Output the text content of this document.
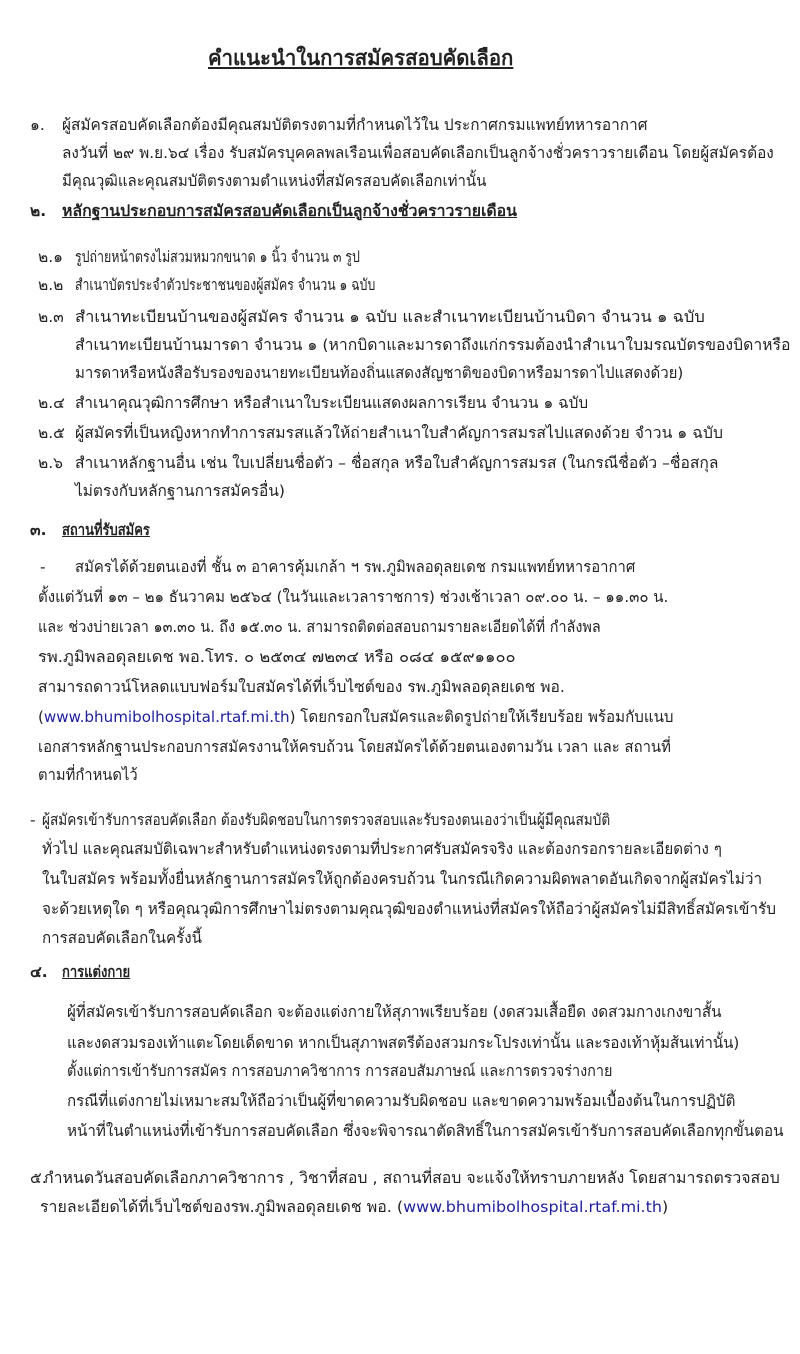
คำแนะนำในการสมัครสอบคัดเลือก
๑. ผู้สมัครสอบคัดเลือกต้องมีคุณสมบัติตรงตามที่กำหนดไว้ใน ประกาศกรมแพทย์ทหารอากาศ
ลงวันที่ ๒๙ พ.ย.๖๔ เรื่อง รับสมัครบุคคลพลเรือนเพื่อสอบคัดเลือกเป็นลูกจ้างชั่วคราวรายเดือน โดยผู้สมัครต้อง
มีคุณวุฒิและคุณสมบัติตรงตามตำแหน่งที่สมัครสอบคัดเลือกเท่านั้น
๒. หลักฐานประกอบการสมัครสอบคัดเลือกเป็นลูกจ้างชั่วคราวรายเดือน
๒.๑ รูปถ่ายหน้าตรงไม่สวมหมวกขนาด ๑ นิ้ว จำนวน ๓ รูป
๒.๒ สำเนาบัตรประจำตัวประชาชนของผู้สมัคร จำนวน ๑ ฉบับ
๒.๓ สำเนาทะเบียนบ้านของผู้สมัคร จำนวน ๑ ฉบับ และสำเนาทะเบียนบ้านบิดา จำนวน ๑ ฉบับ
สำเนาทะเบียนบ้านมารดา จำนวน ๑ (หากบิดาและมารดาถึงแก่กรรมต้องนำสำเนาใบมรณบัตรของบิดาหรือ
มารดาหรือหนังสือรับรองของนายทะเบียนท้องถิ่นแสดงสัญชาติของบิดาหรือมารดาไปแสดงด้วย)
๒.๔ สำเนาคุณวุฒิการศึกษา หรือสำเนาใบระเบียนแสดงผลการเรียน จำนวน ๑ ฉบับ
๒.๕ ผู้สมัครที่เป็นหญิงหากทำการสมรสแล้วให้ถ่ายสำเนาใบสำคัญการสมรสไปแสดงด้วย จำวน ๑ ฉบับ
๒.๖ สำเนาหลักฐานอื่น เช่น ใบเปลี่ยนชื่อตัว – ชื่อสกุล หรือใบสำคัญการสมรส (ในกรณีชื่อตัว –ชื่อสกุล
ไม่ตรงกับหลักฐานการสมัครอื่น)
๓. สถานที่รับสมัคร
- สมัครได้ด้วยตนเองที่ ชั้น ๓ อาคารคุ้มเกล้า ฯ รพ.ภูมิพลอดุลยเดช กรมแพทย์ทหารอากาศ
ตั้งแต่วันที่ ๑๓ – ๒๑ ธันวาคม ๒๕๖๔ (ในวันและเวลาราชการ) ช่วงเช้าเวลา ๐๙.๐๐ น. – ๑๑.๓๐ น.
และ ช่วงบ่ายเวลา ๑๓.๓๐ น. ถึง ๑๕.๓๐ น. สามารถติดต่อสอบถามรายละเอียดได้ที่ กำลังพล
รพ.ภูมิพลอดุลยเดช พอ.โทร. ๐ ๒๕๓๔ ๗๒๓๔ หรือ ๐๘๔ ๑๕๙๑๑๐๐
สามารถดาวน์โหลดแบบฟอร์มใบสมัครได้ที่เว็บไซต์ของ รพ.ภูมิพลอดุลยเดช พอ.
(www.bhumibolhospital.rtaf.mi.th) โดยกรอกใบสมัครและติดรูปถ่ายให้เรียบร้อย พร้อมกับแนบ
เอกสารหลักฐานประกอบการสมัครงานให้ครบถ้วน โดยสมัครได้ด้วยตนเองตามวัน เวลา และ สถานที่
ตามที่กำหนดไว้
- ผู้สมัครเข้ารับการสอบคัดเลือก ต้องรับผิดชอบในการตรวจสอบและรับรองตนเองว่าเป็นผู้มีคุณสมบัติ
ทั่วไป และคุณสมบัติเฉพาะสำหรับตำแหน่งตรงตามที่ประกาศรับสมัครจริง และต้องกรอกรายละเอียดต่าง ๆ
ในใบสมัคร พร้อมทั้งยื่นหลักฐานการสมัครให้ถูกต้องครบถ้วน ในกรณีเกิดความผิดพลาดอันเกิดจากผู้สมัครไม่ว่า
จะด้วยเหตุใด ๆ หรือคุณวุฒิการศึกษาไม่ตรงตามคุณวุฒิของตำแหน่งที่สมัครให้ถือว่าผู้สมัครไม่มีสิทธิ์สมัครเข้ารับ
การสอบคัดเลือกในครั้งนี้
๔. การแต่งกาย
ผู้ที่สมัครเข้ารับการสอบคัดเลือก จะต้องแต่งกายให้สุภาพเรียบร้อย (งดสวมเสื้อยืด งดสวมกางเกงขาสั้น
และงดสวมรองเท้าแตะโดยเด็ดขาด หากเป็นสุภาพสตรีต้องสวมกระโปรงเท่านั้น และรองเท้าหุ้มส้นเท่านั้น)
ตั้งแต่การเข้ารับการสมัคร การสอบภาควิชาการ การสอบสัมภาษณ์ และการตรวจร่างกาย
กรณีที่แต่งกายไม่เหมาะสมให้ถือว่าเป็นผู้ที่ขาดความรับผิดชอบ และขาดความพร้อมเบื้องต้นในการปฏิบัติ
หน้าที่ในตำแหน่งที่เข้ารับการสอบคัดเลือก ซึ่งจะพิจารณาตัดสิทธิ์ในการสมัครเข้ารับการสอบคัดเลือกทุกขั้นตอน
๕.
กำหนดวันสอบคัดเลือกภาควิชาการ , วิชาที่สอบ , สถานที่สอบ จะแจ้งให้ทราบภายหลัง โดยสามารถตรวจสอบ
รายละเอียดได้ที่เว็บไซต์ของรพ.ภูมิพลอดุลยเดช พอ. (www.bhumibolhospital.rtaf.mi.th)
